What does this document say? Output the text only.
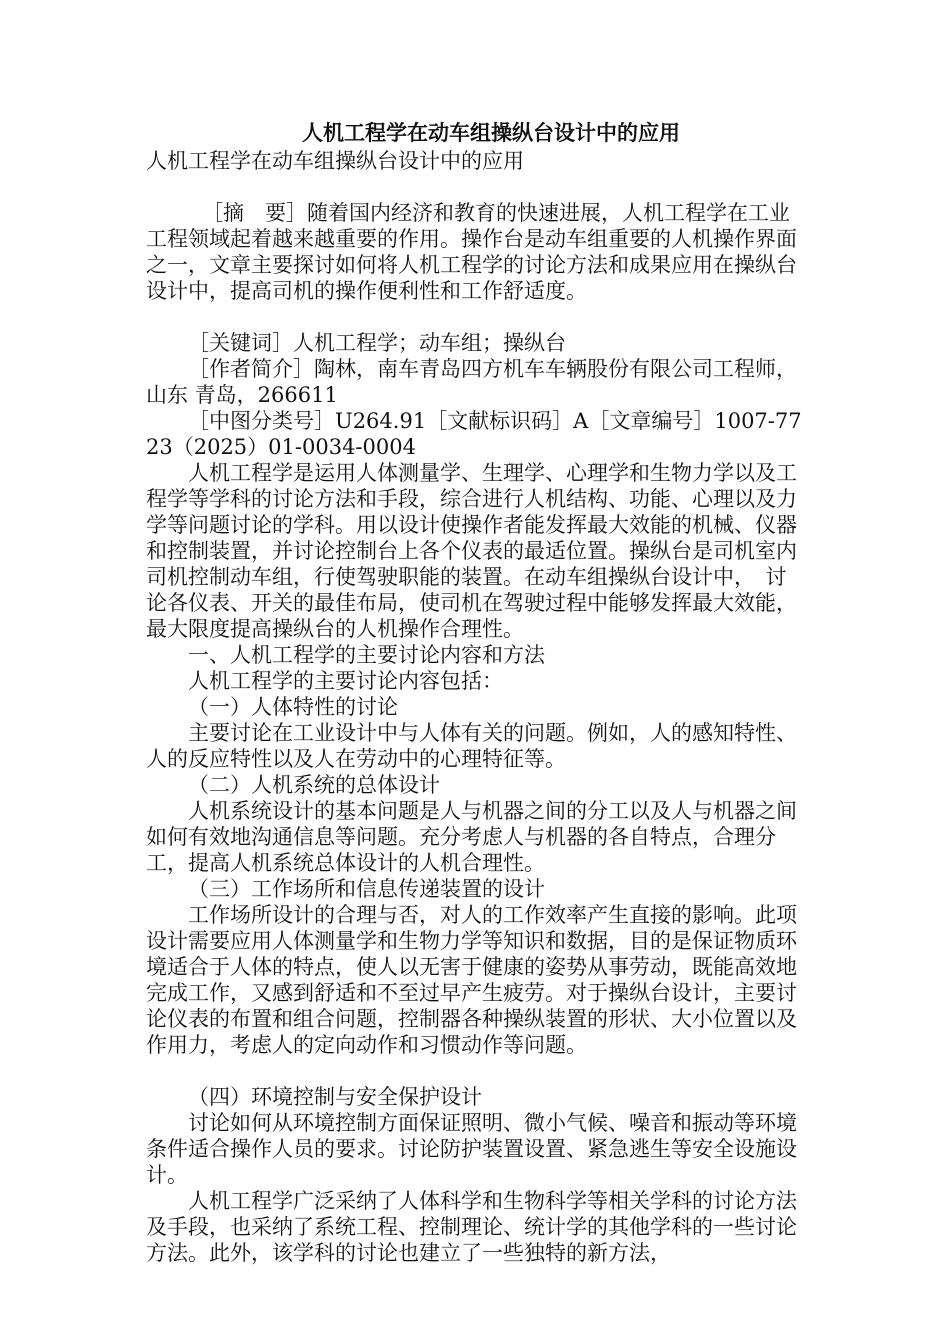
人机工程学在动车组操纵台设计中的应用

人机工程学在动车组操纵台设计中的应用

［摘　要］随着国内经济和教育的快速进展，人机工程学在工业工程领域起着越来越重要的作用。操作台是动车组重要的人机操作界面之一，文章主要探讨如何将人机工程学的讨论方法和成果应用在操纵台设计中，提高司机的操作便利性和工作舒适度。

［关键词］人机工程学；动车组；操纵台

［作者简介］陶林，南车青岛四方机车车辆股份有限公司工程师，山东 青岛，266611

［中图分类号］U264.91［文献标识码］A［文章编号］1007-7723（2025）01-0034-0004

人机工程学是运用人体测量学、生理学、心理学和生物力学以及工程学等学科的讨论方法和手段，综合进行人机结构、功能、心理以及力学等问题讨论的学科。用以设计使操作者能发挥最大效能的机械、仪器和控制装置，并讨论控制台上各个仪表的最适位置。操纵台是司机室内司机控制动车组，行使驾驶职能的装置。在动车组操纵台设计中，　讨论各仪表、开关的最佳布局，使司机在驾驶过程中能够发挥最大效能，最大限度提高操纵台的人机操作合理性。

一、人机工程学的主要讨论内容和方法

人机工程学的主要讨论内容包括：

（一）人体特性的讨论

主要讨论在工业设计中与人体有关的问题。例如，人的感知特性、人的反应特性以及人在劳动中的心理特征等。

（二）人机系统的总体设计

人机系统设计的基本问题是人与机器之间的分工以及人与机器之间如何有效地沟通信息等问题。充分考虑人与机器的各自特点，合理分工，提高人机系统总体设计的人机合理性。

（三）工作场所和信息传递装置的设计

工作场所设计的合理与否，对人的工作效率产生直接的影响。此项设计需要应用人体测量学和生物力学等知识和数据，目的是保证物质环境适合于人体的特点，使人以无害于健康的姿势从事劳动，既能高效地完成工作，又感到舒适和不至过早产生疲劳。对于操纵台设计，主要讨论仪表的布置和组合问题，控制器各种操纵装置的形状、大小位置以及作用力，考虑人的定向动作和习惯动作等问题。

（四）环境控制与安全保护设计

讨论如何从环境控制方面保证照明、微小气候、噪音和振动等环境条件适合操作人员的要求。讨论防护装置设置、紧急逃生等安全设施设计。

人机工程学广泛采纳了人体科学和生物科学等相关学科的讨论方法及手段，也采纳了系统工程、控制理论、统计学的其他学科的一些讨论方法。此外，该学科的讨论也建立了一些独特的新方法，
